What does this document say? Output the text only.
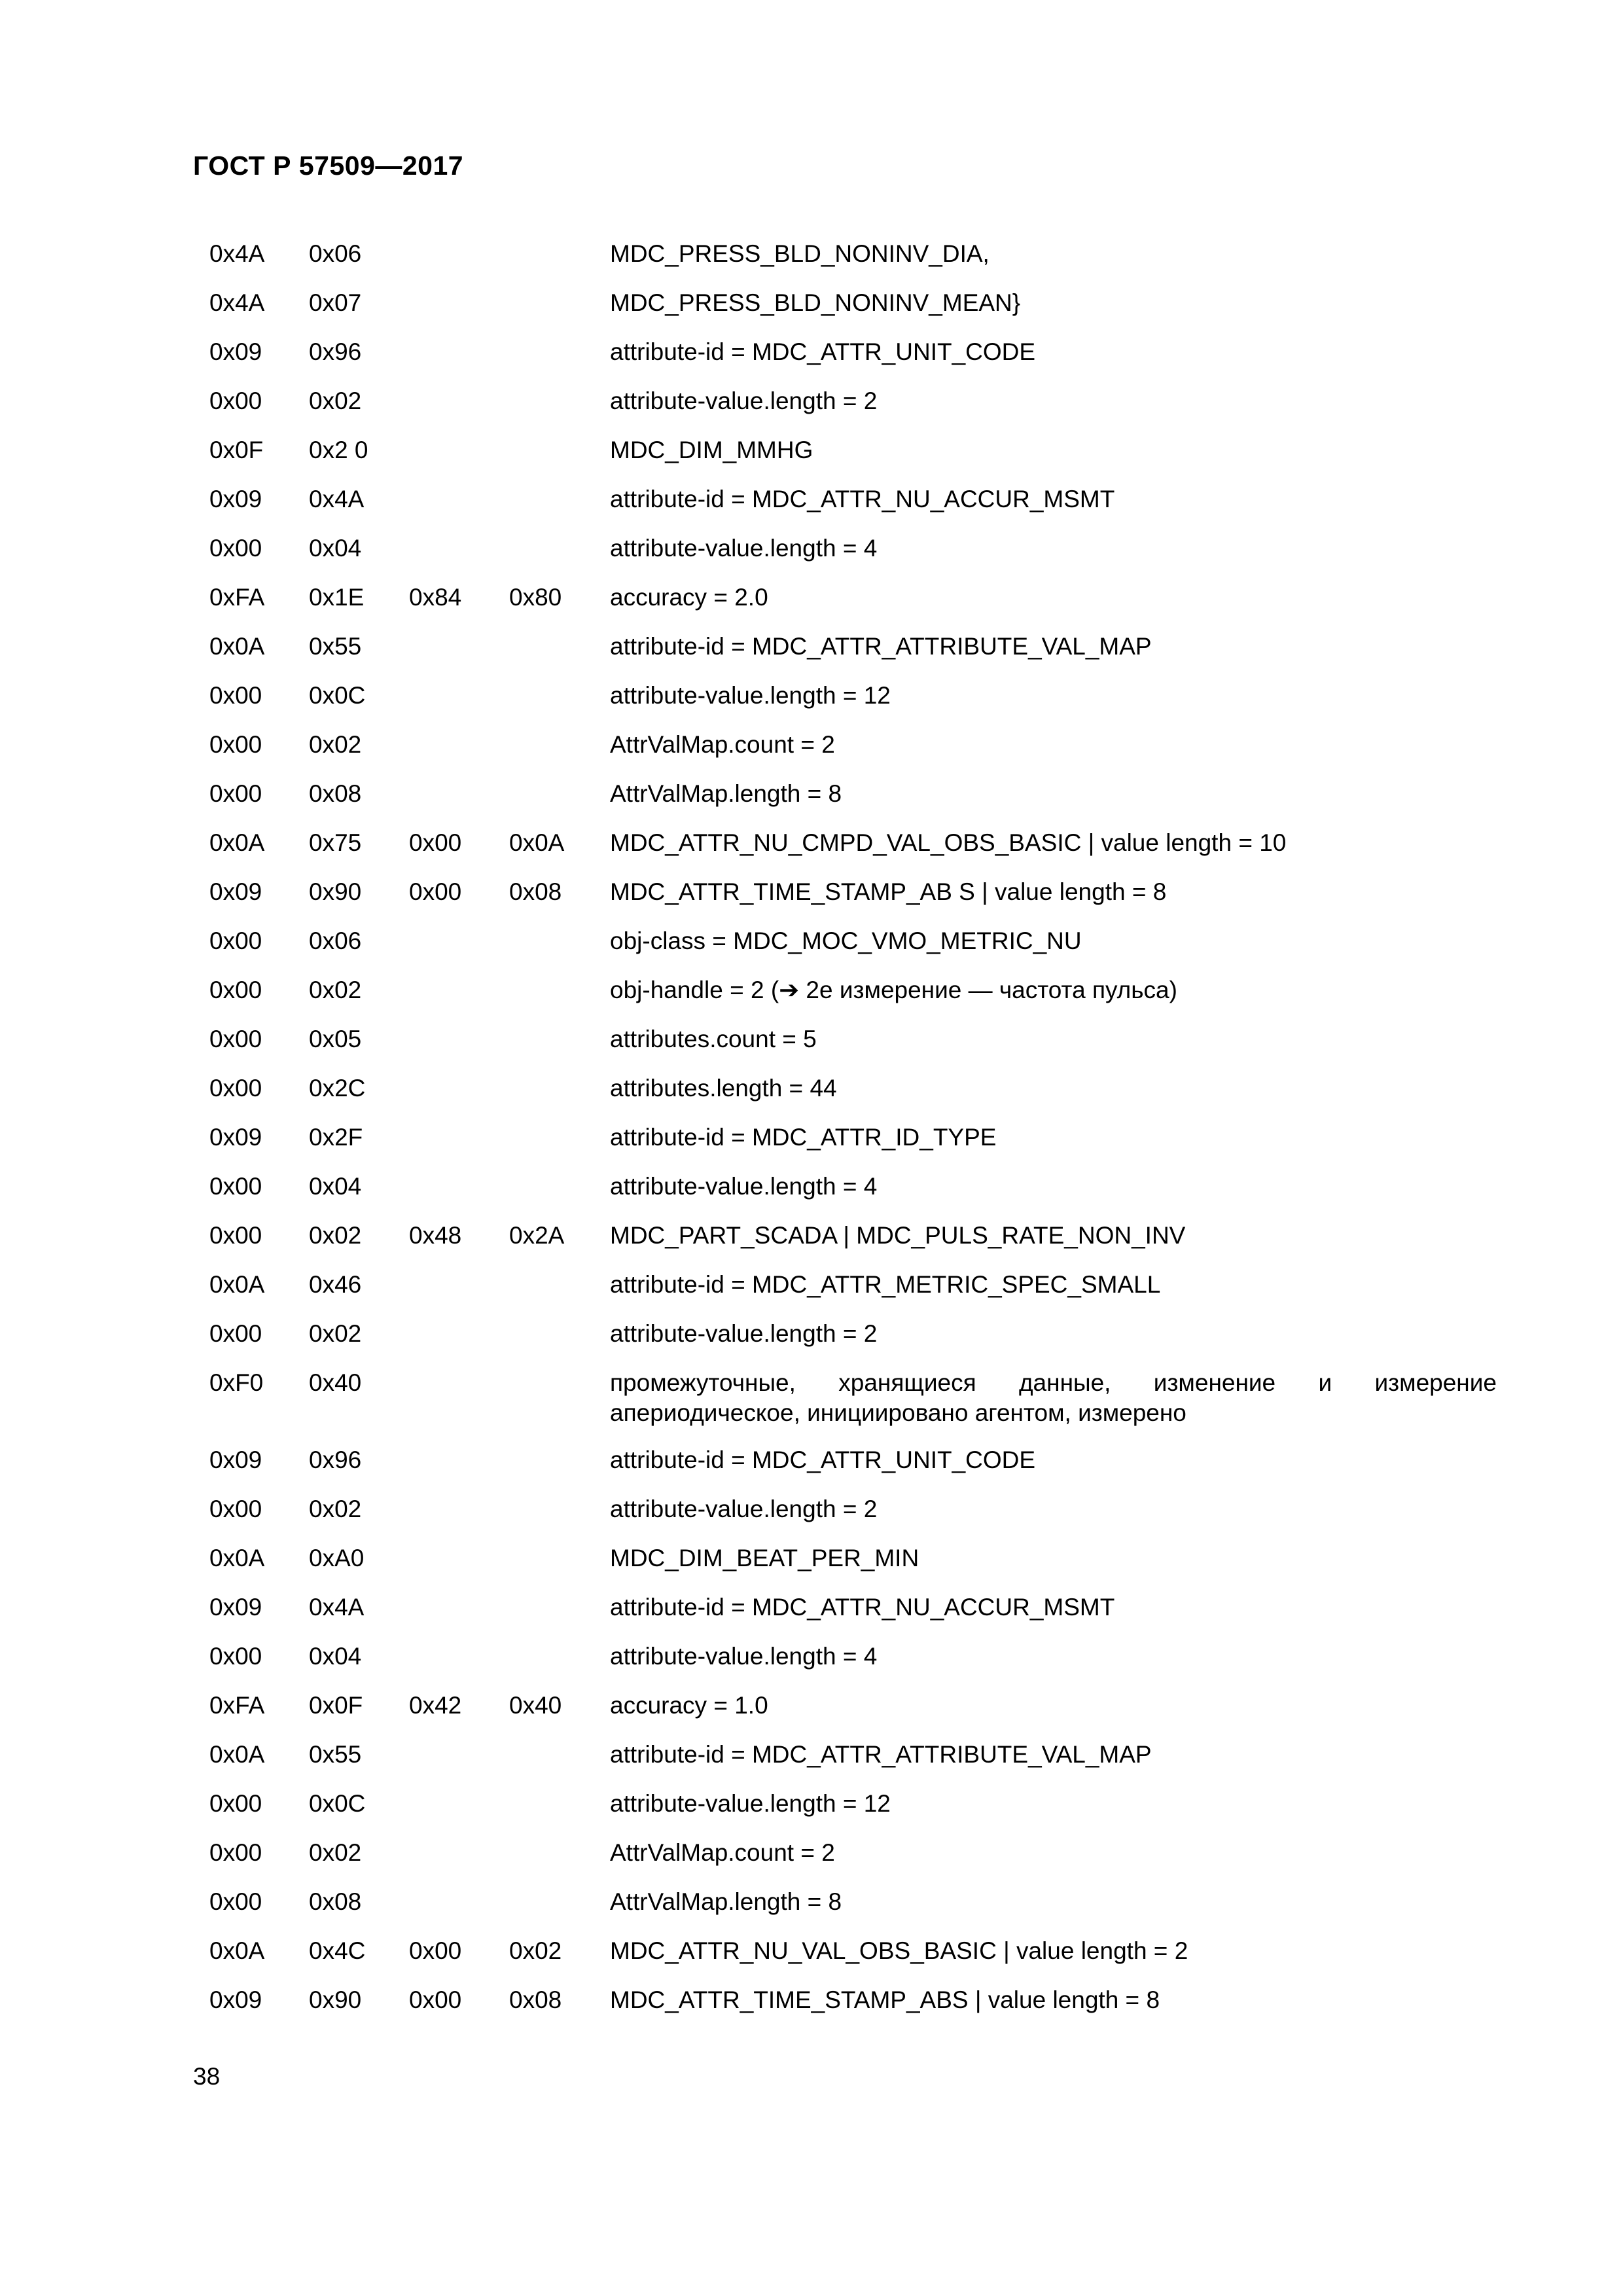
ГОСТ Р 57509—2017
0x4A 0x06	MDC_PRESS_BLD_NONINV_DIA,
0x4A 0x07	MDC_PRESS_BLD_NONINV_MEAN}
0x09 0x96	attribute-id = MDC_ATTR_UNIT_CODE
0x00 0x02	attribute-value.length = 2
0x0F 0x2 0	MDC_DIM_MMHG
0x09 0x4A	attribute-id = MDC_ATTR_NU_ACCUR_MSMT
0x00 0x04	attribute-value.length = 4
0xFA 0x1E 0x84 0x80 accuracy = 2.0
0x0A 0x55	attribute-id = MDC_ATTR_ATTRIBUTE_VAL_MAP
0x00 0x0C	attribute-value.length = 12
0x00 0x02	AttrValMap.count = 2
0x00 0x08	AttrValMap.length = 8
0x0A 0x75 0x00 0x0A MDC_ATTR_NU_CMPD_VAL_OBS_BASIC | value length = 10
0x09 0x90 0x00 0x08 MDC_ATTR_TIME_STAMP_AB S | value length = 8
0x00 0x06	obj-class = MDC_MOC_VMO_METRIC_NU
0x00 0x02	obj-handle = 2 (➔ 2е измерение — частота пульса)
0x00 0x05	attributes.count = 5
0x00 0x2C	attributes.length = 44
0x09 0x2F	attribute-id = MDC_ATTR_ID_TYPE
0x00 0x04	attribute-value.length = 4
0x00 0x02 0x48 0x2A MDC_PART_SCADA | MDC_PULS_RATE_NON_INV
0x0A 0x46	attribute-id = MDC_ATTR_METRIC_SPEC_SMALL
0x00 0x02	attribute-value.length = 2
0xF0 0x40	промежуточные, хранящиеся данные, изменение и измерение апериодическое, инициировано агентом, измерено
0x09 0x96	attribute-id = MDC_ATTR_UNIT_CODE
0x00 0x02	attribute-value.length = 2
0x0A 0xA0	MDC_DIM_BEAT_PER_MIN
0x09 0x4A	attribute-id = MDC_ATTR_NU_ACCUR_MSMT
0x00 0x04	attribute-value.length = 4
0xFA 0x0F 0x42 0x40 accuracy = 1.0
0x0A 0x55	attribute-id = MDC_ATTR_ATTRIBUTE_VAL_MAP
0x00 0x0C	attribute-value.length = 12
0x00 0x02	AttrValMap.count = 2
0x00 0x08	AttrValMap.length = 8
0x0A 0x4C 0x00 0x02 MDC_ATTR_NU_VAL_OBS_BASIC | value length = 2
0x09 0x90 0x00 0x08 MDC_ATTR_TIME_STAMP_ABS | value length = 8
38
